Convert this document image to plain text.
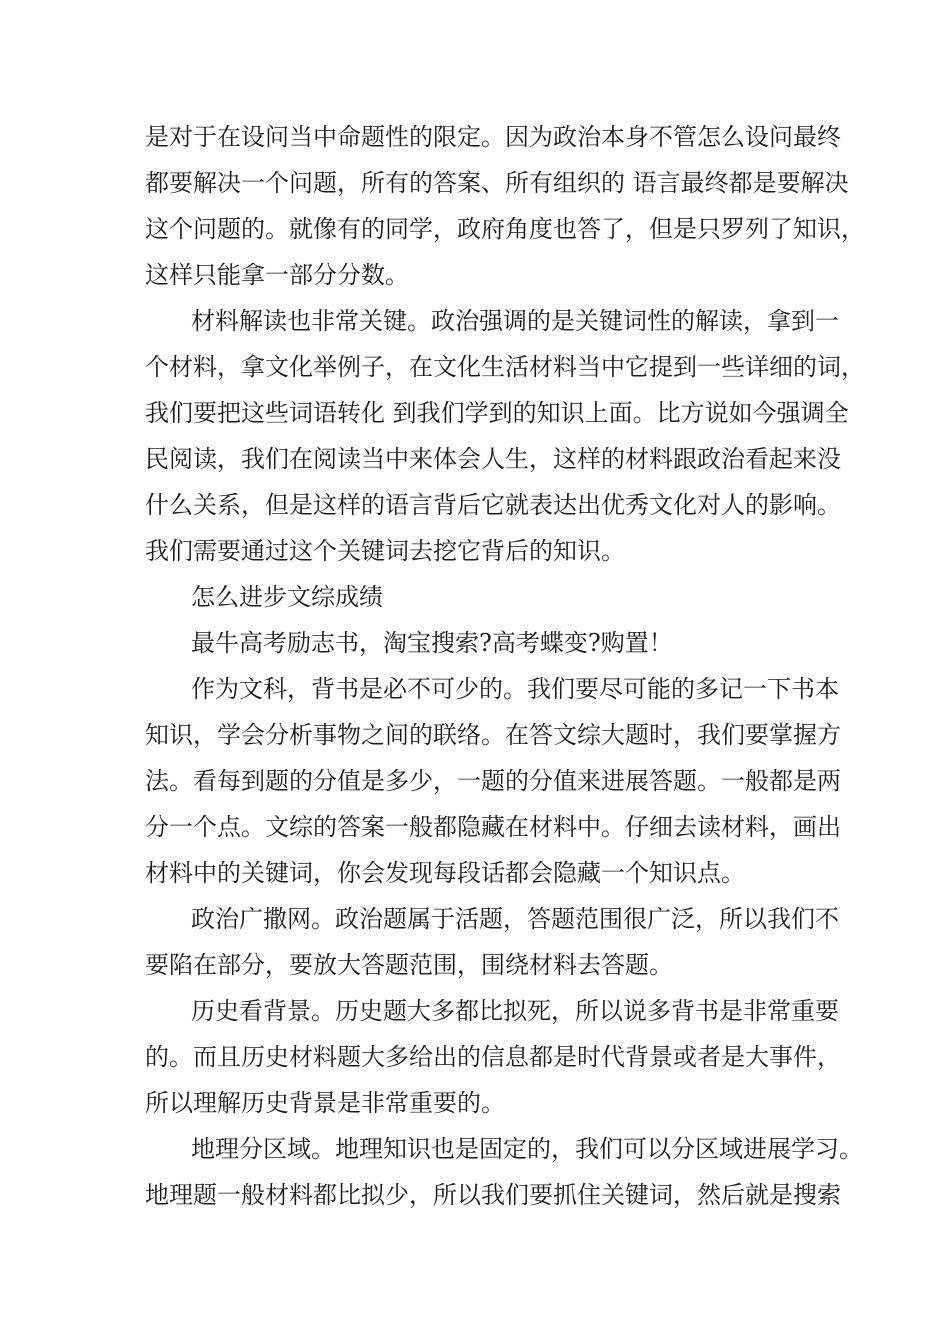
是对于在设问当中命题性的限定。因为政治本身不管怎么设问最终
都要解决一个问题，所有的答案、所有组织的 语言最终都是要解决
这个问题的。就像有的同学，政府角度也答了，但是只罗列了知识，
这样只能拿一部分分数。
材料解读也非常关键。政治强调的是关键词性的解读，拿到一
个材料，拿文化举例子，在文化生活材料当中它提到一些详细的词，
我们要把这些词语转化 到我们学到的知识上面。比方说如今强调全
民阅读，我们在阅读当中来体会人生，这样的材料跟政治看起来没
什么关系，但是这样的语言背后它就表达出优秀文化对人的影响。
我们需要通过这个关键词去挖它背后的知识。
怎么进步文综成绩
最牛高考励志书，淘宝搜索?高考蝶变?购置！
作为文科，背书是必不可少的。我们要尽可能的多记一下书本
知识，学会分析事物之间的联络。在答文综大题时，我们要掌握方
法。看每到题的分值是多少，一题的分值来进展答题。一般都是两
分一个点。文综的答案一般都隐藏在材料中。仔细去读材料，画出
材料中的关键词，你会发现每段话都会隐藏一个知识点。
政治广撒网。政治题属于活题，答题范围很广泛，所以我们不
要陷在部分，要放大答题范围，围绕材料去答题。
历史看背景。历史题大多都比拟死，所以说多背书是非常重要
的。而且历史材料题大多给出的信息都是时代背景或者是大事件，
所以理解历史背景是非常重要的。
地理分区域。地理知识也是固定的，我们可以分区域进展学习。
地理题一般材料都比拟少，所以我们要抓住关键词，然后就是搜索
